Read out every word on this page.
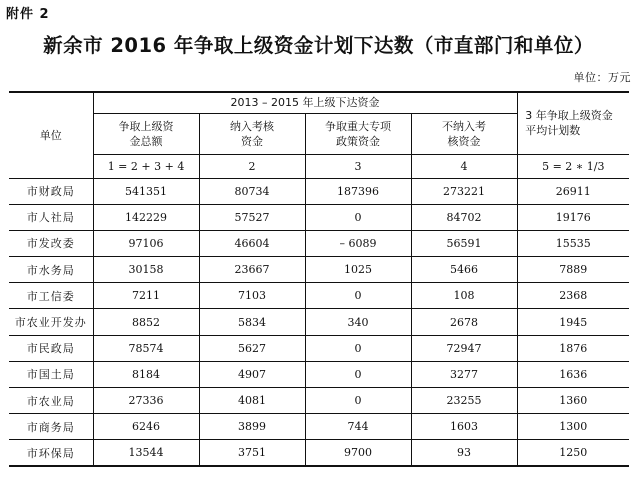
附件 2
新余市 2016 年争取上级资金计划下达数（市直部门和单位）
单位：万元
单位	2013 – 2015 年上级下达资金				3 年争取上级资金平均计划数

	争取上级资金总额	纳入考核资金	争取重大专项政策资金	不纳入考核资金	

	1 = 2 + 3 + 4	2	3	4	5 = 2 ∗ 1/3
市财政局	541351	80734	187396	273221	26911
市人社局	142229	57527	0	84702	19176
市发改委	97106	46604	– 6089	56591	15535
市水务局	30158	23667	1025	5466	7889
市工信委	7211	7103	0	108	2368
市农业开发办	8852	5834	340	2678	1945
市民政局	78574	5627	0	72947	1876
市国土局	8184	4907	0	3277	1636
市农业局	27336	4081	0	23255	1360
市商务局	6246	3899	744	1603	1300
市环保局	13544	3751	9700	93	1250
